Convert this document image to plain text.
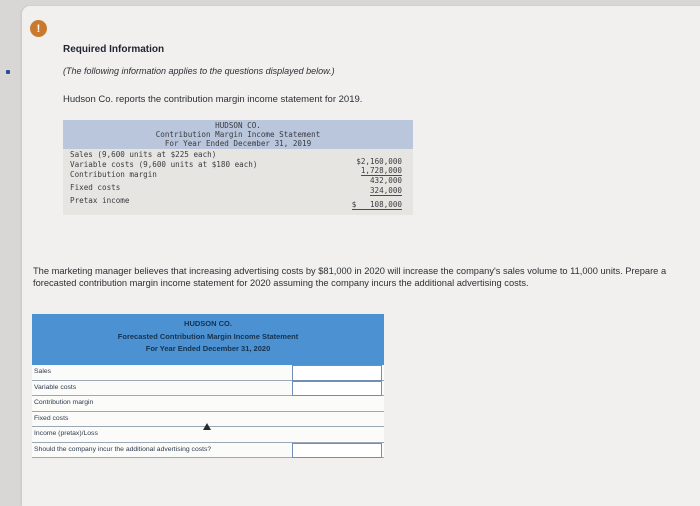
!
Required Information
(The following information applies to the questions displayed below.)
Hudson Co. reports the contribution margin income statement for 2019.
HUDSON CO.
Contribution Margin Income Statement
For Year Ended December 31, 2019
Sales (9,600 units at $225 each)
$2,160,000
Variable costs (9,600 units at $180 each)
1,728,000
Contribution margin
432,000
Fixed costs	324,000
Pretax income	$   108,000
The marketing manager believes that increasing advertising costs by $81,000 in 2020 will increase the company's sales volume to 11,000 units. Prepare a forecasted contribution margin income statement for 2020 assuming the company incurs the additional advertising costs.
HUDSON CO.
Forecasted Contribution Margin Income Statement
For Year Ended December 31, 2020
Sales
Variable costs
Contribution margin
Fixed costs
Income (pretax)/Loss
Should the company incur the additional advertising costs?
